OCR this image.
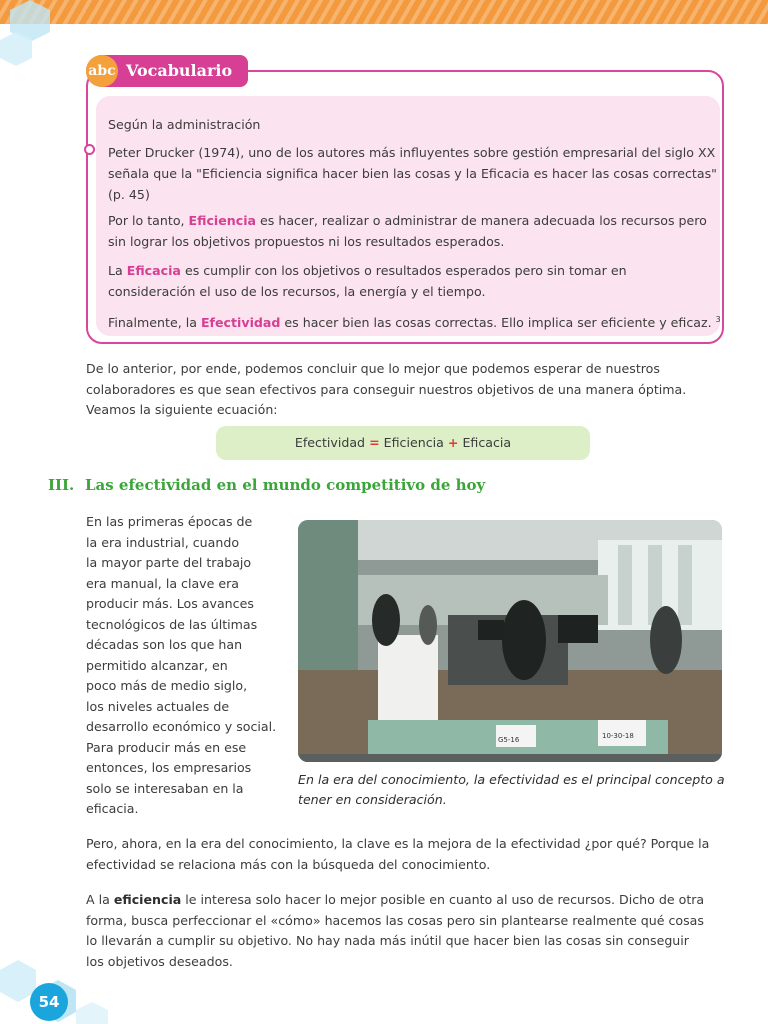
abc Vocabulario
Según la administración
Peter Drucker (1974), uno de los autores más influyentes sobre gestión empresarial del siglo XX
señala que la "Eficiencia significa hacer bien las cosas y la Eficacia es hacer las cosas correctas"
(p. 45)
Por lo tanto, Eficiencia es hacer, realizar o administrar de manera adecuada los recursos pero
sin lograr los objetivos propuestos ni los resultados esperados.
La Eficacia es cumplir con los objetivos o resultados esperados pero sin tomar en
consideración el uso de los recursos, la energía y el tiempo.
Finalmente, la Efectividad es hacer bien las cosas correctas. Ello implica ser eficiente y eficaz. $^3$
De lo anterior, por ende, podemos concluir que lo mejor que podemos esperar de nuestros
colaboradores es que sean efectivos para conseguir nuestros objetivos de una manera óptima.
Veamos la siguiente ecuación:
Efectividad = Eficiencia + Eficacia
III. Las efectividad en el mundo competitivo de hoy
En las primeras épocas de
la era industrial, cuando
la mayor parte del trabajo
era manual, la clave era
producir más. Los avances
tecnológicos de las últimas
décadas son los que han
permitido alcanzar, en
poco más de medio siglo,
los niveles actuales de
desarrollo económico y social.
Para producir más en ese
entonces, los empresarios
solo se interesaban en la
eficacia.
G5-16	10-30-18
En la era del conocimiento, la efectividad es el principal concepto a
tener en consideración.
Pero, ahora, en la era del conocimiento, la clave es la mejora de la efectividad ¿por qué? Porque la
efectividad se relaciona más con la búsqueda del conocimiento.
A la eficiencia le interesa solo hacer lo mejor posible en cuanto al uso de recursos. Dicho de otra
forma, busca perfeccionar el «cómo» hacemos las cosas pero sin plantearse realmente qué cosas
lo llevarán a cumplir su objetivo. No hay nada más inútil que hacer bien las cosas sin conseguir
los objetivos deseados.
54
